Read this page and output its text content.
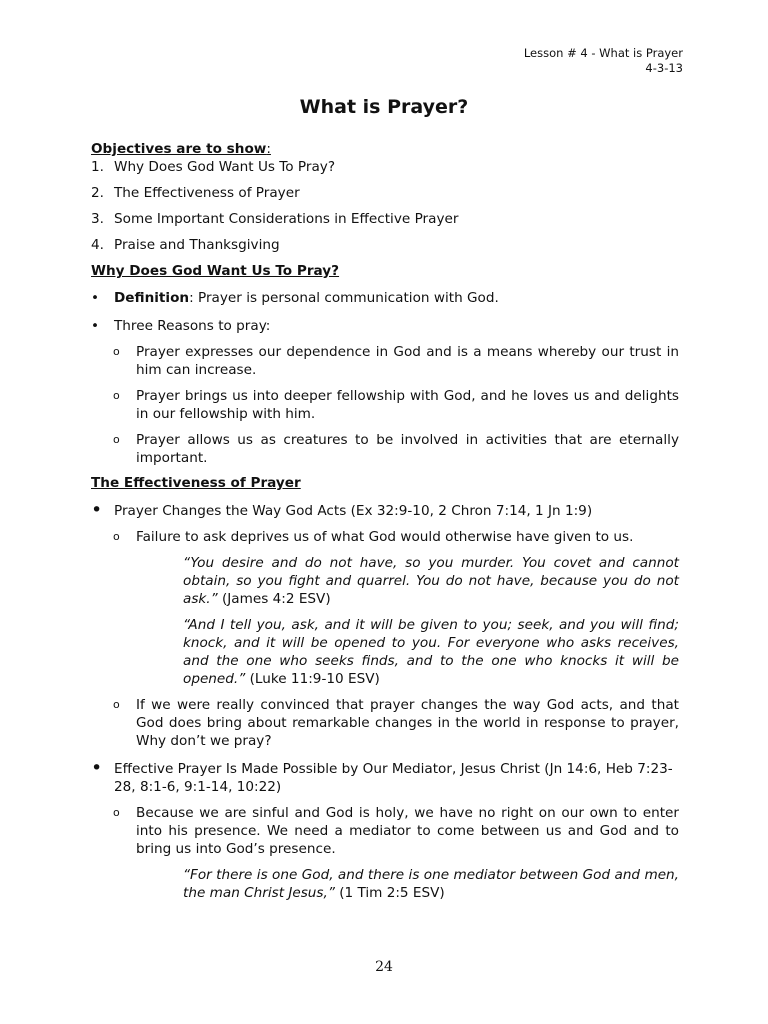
Lesson # 4 - What is Prayer
4-3-13
What is Prayer?

Objectives are to show:

1. Why Does God Want Us To Pray?
2. The Effectiveness of Prayer
3. Some Important Considerations in Effective Prayer
4. Praise and Thanksgiving

Why Does God Want Us To Pray?

•	Definition: Prayer is personal communication with God.
•	Three Reasons to pray:
o	Prayer expresses our dependence in God and is a means whereby our trust in him can increase.
o	Prayer brings us into deeper fellowship with God, and he loves us and delights in our fellowship with him.
o	Prayer allows us as creatures to be involved in activities that are eternally important.

The Effectiveness of Prayer

• Prayer Changes the Way God Acts (Ex 32:9-10, 2 Chron 7:14, 1 Jn 1:9)
o	Failure to ask deprives us of what God would otherwise have given to us.
“You desire and do not have, so you murder. You covet and cannot obtain, so you fight and quarrel. You do not have, because you do not ask.” (James 4:2 ESV)
“And I tell you, ask, and it will be given to you; seek, and you will find; knock, and it will be opened to you. For everyone who asks receives, and the one who seeks finds, and to the one who knocks it will be opened.” (Luke 11:9-10 ESV)
o	If we were really convinced that prayer changes the way God acts, and that God does bring about remarkable changes in the world in response to prayer, Why don’t we pray?
• Effective Prayer Is Made Possible by Our Mediator, Jesus Christ (Jn 14:6, Heb 7:23-28, 8:1-6, 9:1-14, 10:22)
o	Because we are sinful and God is holy, we have no right on our own to enter into his presence. We need a mediator to come between us and God and to bring us into God’s presence.
“For there is one God, and there is one mediator between God and men, the man Christ Jesus,” (1 Tim 2:5 ESV)
24
